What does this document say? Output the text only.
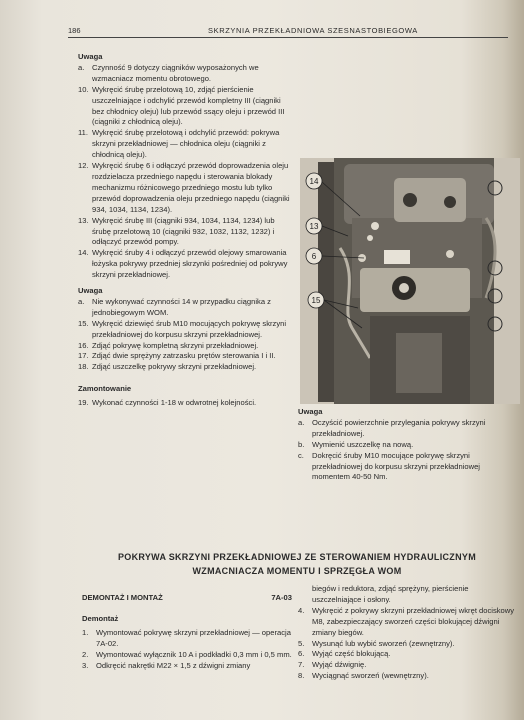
186	SKRZYNIA PRZEKŁADNIOWA SZESNASTOBIEGOWA
Uwaga
a. Czynność 9 dotyczy ciągników wyposażonych we wzmacniacz momentu obrotowego.
10. Wykręcić śrubę przelotową 10, zdjąć pierścienie uszczelniające i odchylić przewód kompletny III (ciągniki bez chłodnicy oleju) lub przewód ssący oleju i przewód III (ciągniki z chłodnicą oleju).
11. Wykręcić śrubę przelotową i odchylić przewód: pokrywa skrzyni przekładniowej — chłodnica oleju (ciągniki z chłodnicą oleju).
12. Wykręcić śrubę 6 i odłączyć przewód doprowadzenia oleju rozdzielacza przedniego napędu i sterowania blokady mechanizmu różnicowego przedniego mostu lub tylko przewód doprowadzenia oleju przedniego napędu (ciągniki 934, 1034, 1134, 1234).
13. Wykręcić śrubę III (ciągniki 934, 1034, 1134, 1234) lub śrubę przelotową 10 (ciągniki 932, 1032, 1132, 1232) i odłączyć przewód pompy.
14. Wykręcić śruby 4 i odłączyć przewód olejowy smarowania łożyska pokrywy przedniej skrzynki pośredniej od pokrywy skrzyni przekładniowej.
Uwaga
a. Nie wykonywać czynności 14 w przypadku ciągnika z jednobiegowym WOM.
15. Wykręcić dziewięć śrub M10 mocujących pokrywę skrzyni przekładniowej do korpusu skrzyni przekładniowej.
16. Zdjąć pokrywę kompletną skrzyni przekładniowej.
17. Zdjąć dwie sprężyny zatrzasku prętów sterowania I i II.
18. Zdjąć uszczelkę pokrywy skrzyni przekładniowej.
Zamontowanie
19. Wykonać czynności 1-18 w odwrotnej kolejności.
14
13
6
15
Uwaga
a. Oczyścić powierzchnie przylegania pokrywy skrzyni przekładniowej.
b. Wymienić uszczelkę na nową.
c. Dokręcić śruby M10 mocujące pokrywę skrzyni przekładniowej do korpusu skrzyni przekładniowej momentem 40-50 Nm.
POKRYWA SKRZYNI PRZEKŁADNIOWEJ ZE STEROWANIEM HYDRAULICZNYM
WZMACNIACZA MOMENTU I SPRZĘGŁA WOM
DEMONTAŻ I MONTAŻ	7A-03
Demontaż
1. Wymontować pokrywę skrzyni przekładniowej — operacja 7A-02.
2. Wymontować wyłącznik 10 A i podkładki 0,3 mm i 0,5 mm.
3. Odkręcić nakrętki M22 × 1,5 z dźwigni zmiany
biegów i reduktora, zdjąć sprężyny, pierścienie uszczelniające i osłony.
4. Wykręcić z pokrywy skrzyni przekładniowej wkręt dociskowy M8, zabezpieczający sworzeń części blokującej dźwigni zmiany biegów.
5. Wysunąć lub wybić sworzeń (zewnętrzny).
6. Wyjąć część blokującą.
7. Wyjąć dźwignię.
8. Wyciągnąć sworzeń (wewnętrzny).
